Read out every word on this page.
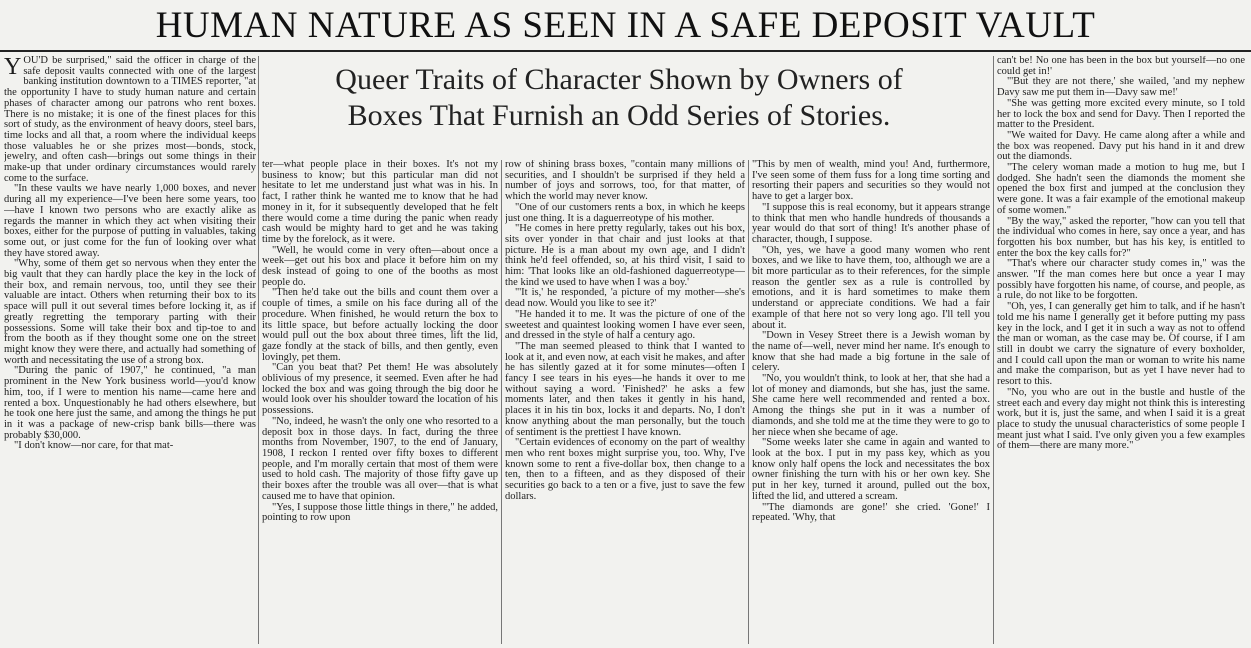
HUMAN NATURE AS SEEN IN A SAFE DEPOSIT VAULT
Queer Traits of Character Shown by Owners of
Boxes That Furnish an Odd Series of Stories.

YOU'D be surprised," said the officer in charge of the safe deposit vaults connected with one of the largest banking institution downtown to a TIMES reporter, "at the opportunity I have to study human nature and certain phases of character among our patrons who rent boxes. There is no mistake; it is one of the finest places for this sort of study, as the environment of heavy doors, steel bars, time locks and all that, a room where the individual keeps those valuables he or she prizes most—bonds, stock, jewelry, and often cash—brings out some things in their make-up that under ordinary circumstances would rarely come to the surface.

"In these vaults we have nearly 1,000 boxes, and never during all my experience—I've been here some years, too—have I known two persons who are exactly alike as regards the manner in which they act when visiting their boxes, either for the purpose of putting in valuables, taking some out, or just come for the fun of looking over what they have stored away.

"Why, some of them get so nervous when they enter the big vault that they can hardly place the key in the lock of their box, and remain nervous, too, until they see their valuable are intact. Others when returning their box to its space will pull it out several times before locking it, as if greatly regretting the temporary parting with their possessions. Some will take their box and tip-toe to and from the booth as if they thought some one on the street might know they were there, and actually had something of worth and necessitating the use of a strong box.

"During the panic of 1907," he continued, "a man prominent in the New York business world—you'd know him, too, if I were to mention his name—came here and rented a box. Unquestionably he had others elsewhere, but he took one here just the same, and among the things he put in it was a package of new-crisp bank bills—there was probably $30,000.

"I don't know—nor care, for that mat-

ter—what people place in their boxes. It's not my business to know; but this particular man did not hesitate to let me understand just what was in his. In fact, I rather think he wanted me to know that he had money in it, for it subsequently developed that he felt there would come a time during the panic when ready cash would be mighty hard to get and he was taking time by the forelock, as it were.

"Well, he would come in very often—about once a week—get out his box and place it before him on my desk instead of going to one of the booths as most people do.

"Then he'd take out the bills and count them over a couple of times, a smile on his face during all of the procedure. When finished, he would return the box to its little space, but before actually locking the door would pull out the box about three times, lift the lid, gaze fondly at the stack of bills, and then gently, even lovingly, pet them.

"Can you beat that? Pet them! He was absolutely oblivious of my presence, it seemed. Even after he had locked the box and was going through the big door he would look over his shoulder toward the location of his possessions.

"No, indeed, he wasn't the only one who resorted to a deposit box in those days. In fact, during the three months from November, 1907, to the end of January, 1908, I reckon I rented over fifty boxes to different people, and I'm morally certain that most of them were used to hold cash. The majority of those fifty gave up their boxes after the trouble was all over—that is what caused me to have that opinion.

"Yes, I suppose those little things in there," he added, pointing to row upon

row of shining brass boxes, "contain many millions of securities, and I shouldn't be surprised if they held a number of joys and sorrows, too, for that matter, of which the world may never know.

"One of our customers rents a box, in which he keeps just one thing. It is a daguerreotype of his mother.

"He comes in here pretty regularly, takes out his box, sits over yonder in that chair and just looks at that picture. He is a man about my own age, and I didn't think he'd feel offended, so, at his third visit, I said to him: 'That looks like an old-fashioned daguerreotype—the kind we used to have when I was a boy.'

"'It is,' he responded, 'a picture of my mother—she's dead now. Would you like to see it?'

"He handed it to me. It was the picture of one of the sweetest and quaintest looking women I have ever seen, and dressed in the style of half a century ago.

"The man seemed pleased to think that I wanted to look at it, and even now, at each visit he makes, and after he has silently gazed at it for some minutes—often I fancy I see tears in his eyes—he hands it over to me without saying a word. 'Finished?' he asks a few moments later, and then takes it gently in his hand, places it in his tin box, locks it and departs. No, I don't know anything about the man personally, but the touch of sentiment is the prettiest I have known.

"Certain evidences of economy on the part of wealthy men who rent boxes might surprise you, too. Why, I've known some to rent a five-dollar box, then change to a ten, then to a fifteen, and as they disposed of their securities go back to a ten or a five, just to save the few dollars.

"This by men of wealth, mind you! And, furthermore, I've seen some of them fuss for a long time sorting and resorting their papers and securities so they would not have to get a larger box.

"I suppose this is real economy, but it appears strange to think that men who handle hundreds of thousands a year would do that sort of thing! It's another phase of character, though, I suppose.

"Oh, yes, we have a good many women who rent boxes, and we like to have them, too, although we are a bit more particular as to their references, for the simple reason the gentler sex as a rule is controlled by emotions, and it is hard sometimes to make them understand or appreciate conditions. We had a fair example of that here not so very long ago. I'll tell you about it.

"Down in Vesey Street there is a Jewish woman by the name of—well, never mind her name. It's enough to know that she had made a big fortune in the sale of celery.

"No, you wouldn't think, to look at her, that she had a lot of money and diamonds, but she has, just the same. She came here well recommended and rented a box. Among the things she put in it was a number of diamonds, and she told me at the time they were to go to her niece when she became of age.

"Some weeks later she came in again and wanted to look at the box. I put in my pass key, which as you know only half opens the lock and necessitates the box owner finishing the turn with his or her own key. She put in her key, turned it around, pulled out the box, lifted the lid, and uttered a scream.

"'The diamonds are gone!' she cried. 'Gone!' I repeated. 'Why, that

can't be! No one has been in the box but yourself—no one could get in!'

"'But they are not there,' she wailed, 'and my nephew Davy saw me put them in—Davy saw me!'

"She was getting more excited every minute, so I told her to lock the box and send for Davy. Then I reported the matter to the President.

"We waited for Davy. He came along after a while and the box was reopened. Davy put his hand in it and drew out the diamonds.

"The celery woman made a motion to hug me, but I dodged. She hadn't seen the diamonds the moment she opened the box first and jumped at the conclusion they were gone. It was a fair example of the emotional makeup of some women."

"By the way," asked the reporter, "how can you tell that the individual who comes in here, say once a year, and has forgotten his box number, but has his key, is entitled to enter the box the key calls for?"

"That's where our character study comes in," was the answer. "If the man comes here but once a year I may possibly have forgotten his name, of course, and people, as a rule, do not like to be forgotten.

"Oh, yes, I can generally get him to talk, and if he hasn't told me his name I generally get it before putting my pass key in the lock, and I get it in such a way as not to offend the man or woman, as the case may be. Of course, if I am still in doubt we carry the signature of every boxholder, and I could call upon the man or woman to write his name and make the comparison, but as yet I have never had to resort to this.

"No, you who are out in the bustle and hustle of the street each and every day might not think this is interesting work, but it is, just the same, and when I said it is a great place to study the unusual characteristics of some people I meant just what I said. I've only given you a few examples of them—there are many more."
